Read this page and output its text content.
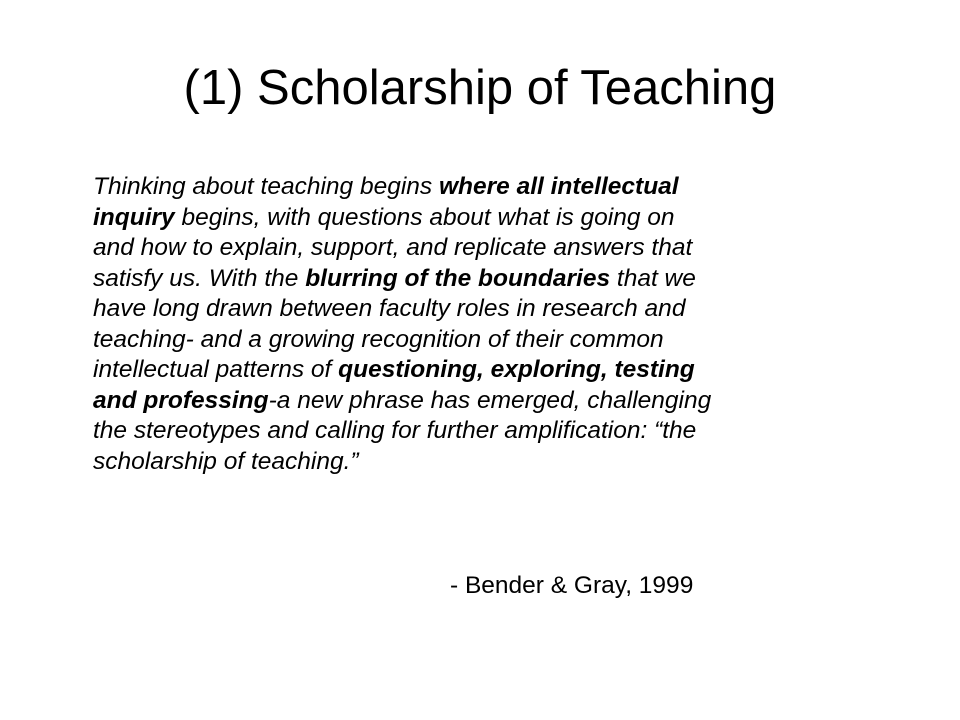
(1) Scholarship of Teaching
Thinking about teaching begins where all intellectual
inquiry begins, with questions about what is going on
and how to explain, support, and replicate answers that
satisfy us. With the blurring of the boundaries that we
have long drawn between faculty roles in research and
teaching- and a growing recognition of their common
intellectual patterns of questioning, exploring, testing
and professing-a new phrase has emerged, challenging
the stereotypes and calling for further amplification: “the
scholarship of teaching.”
- Bender & Gray, 1999
